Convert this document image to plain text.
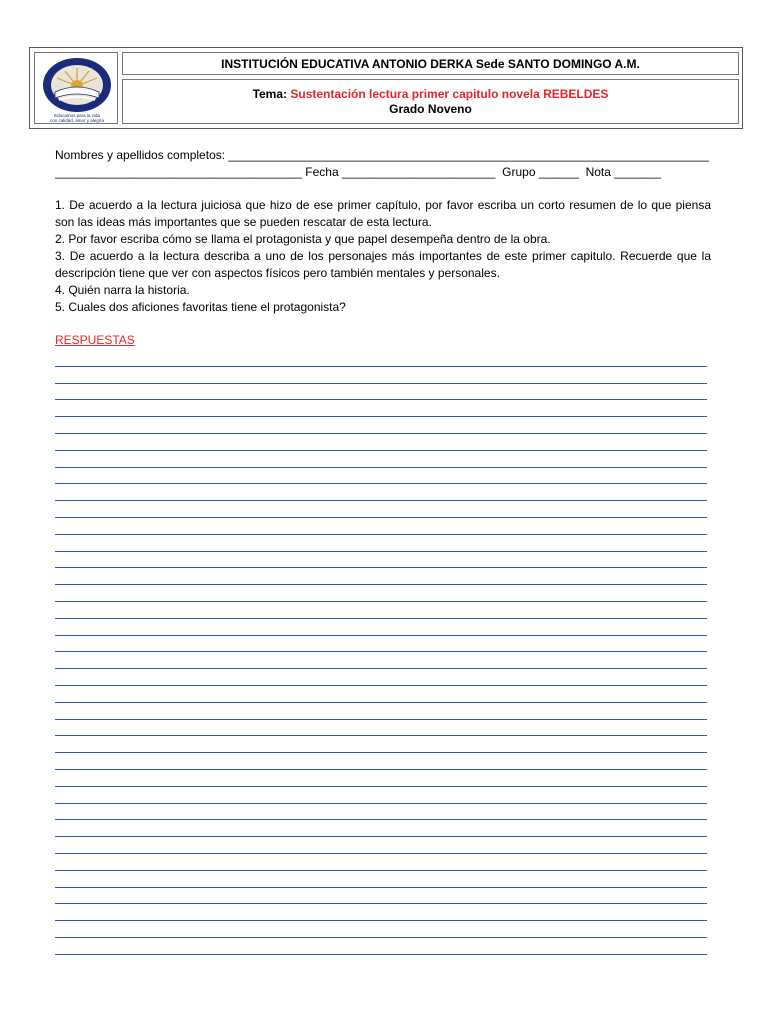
Educamos para la vida
con calidad, amor y alegría
INSTITUCIÓN EDUCATIVA ANTONIO DERKA Sede SANTO DOMINGO A.M.
Tema: Sustentación lectura primer capitulo novela REBELDES
Grado Noveno
Nombres y apellidos completos: ________________________________________________________________________
_____________________________________ Fecha _______________________ Grupo ______ Nota _______
1. De acuerdo a la lectura juiciosa que hizo de ese primer capítulo, por favor escriba un corto resumen de lo que piensa son las ideas más importantes que se pueden rescatar de esta lectura.
2. Por favor escriba cómo se llama el protagonista y que papel desempeña dentro de la obra.
3. De acuerdo a la lectura describa a uno de los personajes más importantes de este primer capitulo. Recuerde que la descripción tiene que ver con aspectos físicos pero también mentales y personales.
4. Quién narra la historia.
5. Cuales dos aficiones favoritas tiene el protagonista?
RESPUESTAS
